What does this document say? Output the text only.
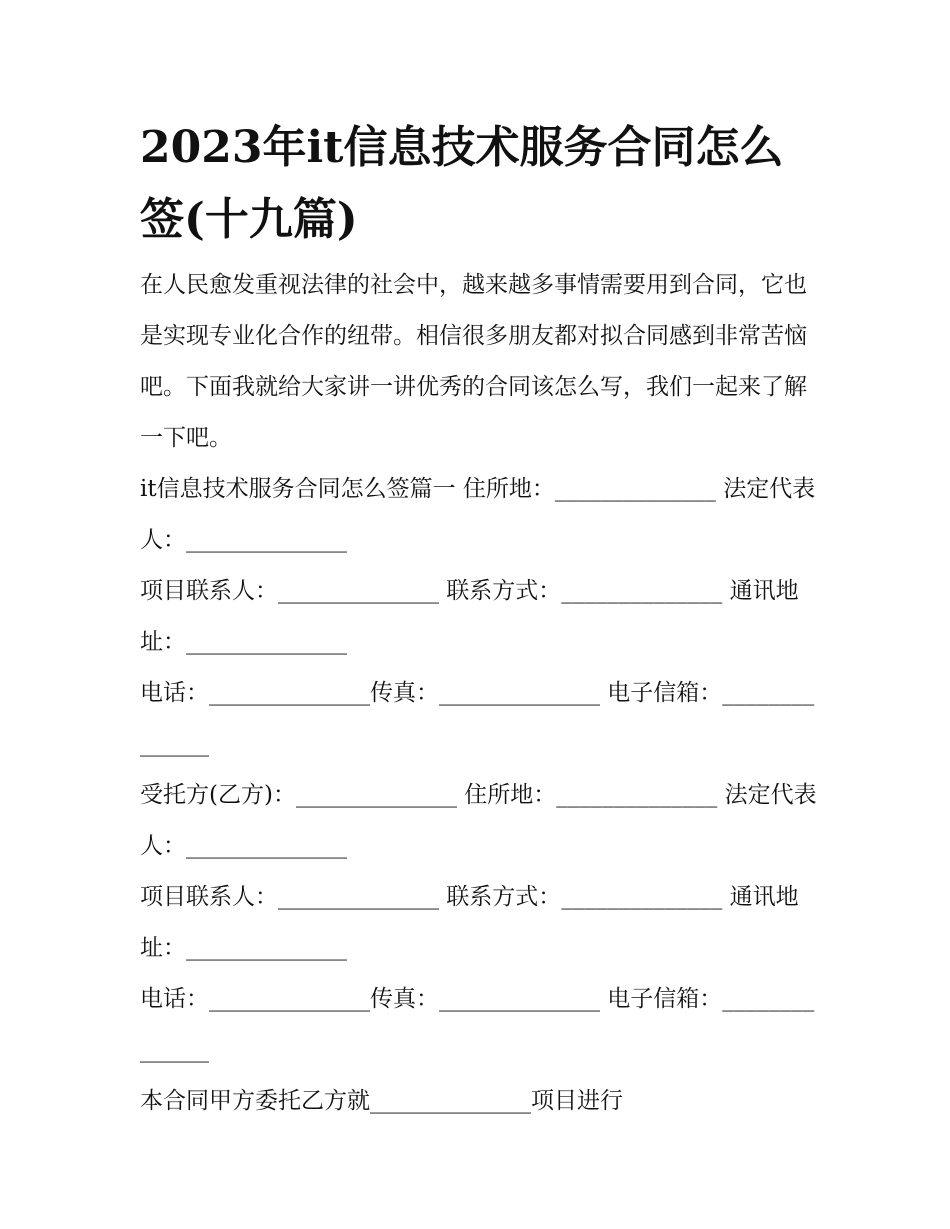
2023年it信息技术服务合同怎么签(十九篇)

在人民愈发重视法律的社会中，越来越多事情需要用到合同，它也是实现专业化合作的纽带。相信很多朋友都对拟合同感到非常苦恼吧。下面我就给大家讲一讲优秀的合同该怎么写，我们一起来了解一下吧。

it信息技术服务合同怎么签篇一 住所地：______________ 法定代表人：______________

项目联系人：______________ 联系方式：______________ 通讯地址：______________

电话：______________传真：______________ 电子信箱：______________

受托方(乙方)：______________ 住所地：______________ 法定代表人：______________

项目联系人：______________ 联系方式：______________ 通讯地址：______________

电话：______________传真：______________ 电子信箱：______________

本合同甲方委托乙方就______________项目进行
